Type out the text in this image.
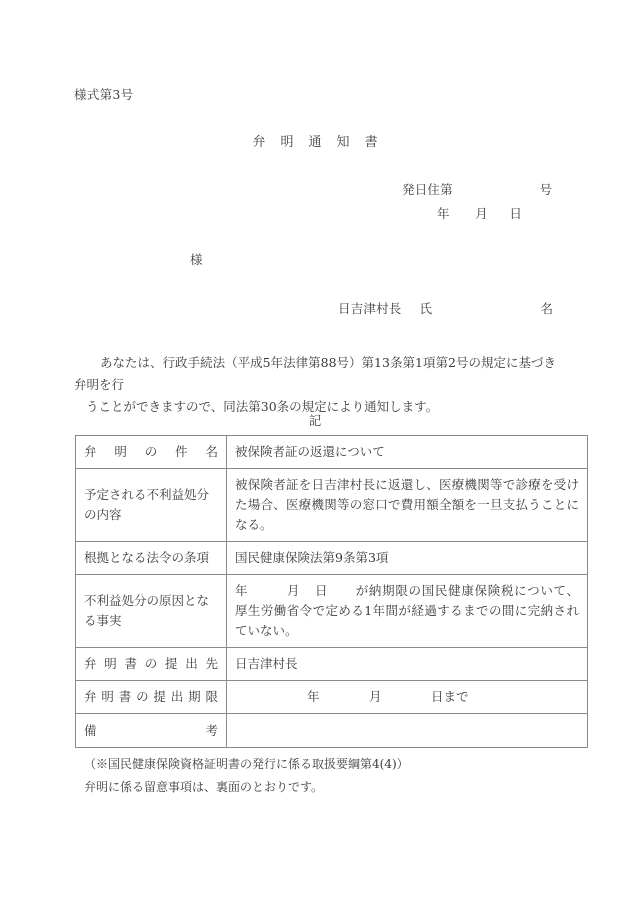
様式第3号
弁明通知書
発日住第	号
年 月 日
様
日吉津村長 氏	名
あなたは、行政手続法（平成5年法律第88号）第13条第1項第2号の規定に基づき弁明を行
うことができますので、同法第30条の規定により通知します。
記
弁明の件名	被保険者証の返還について
予定される不利益処分の内容	被保険者証を日吉津村長に返還し、医療機関等で診療を受けた場合、医療機関等の窓口で費用額全額を一旦支払うことになる。

根拠となる法令の条項	国民健康保険法第9条第3項
不利益処分の原因となる事実	年 月 日 が納期限の国民健康保険税について、厚生労働省令で定める1年間が経過するまでの間に完納されていない。

弁明書の提出先	日吉津村長

弁明書の提出期限	年 月 日まで

備考	

（※国民健康保険資格証明書の発行に係る取扱要綱第4(4)）
弁明に係る留意事項は、裏面のとおりです。
